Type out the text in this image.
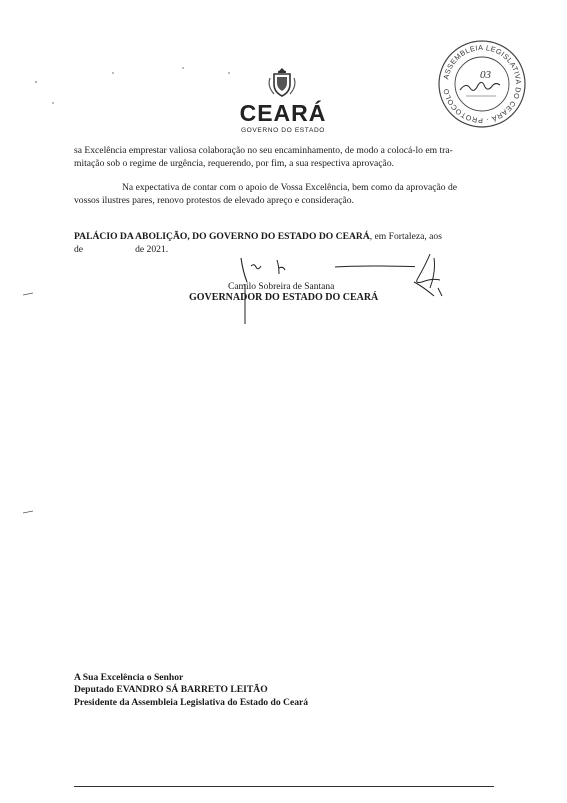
CEARÁ
GOVERNO DO ESTADO
ASSEMBLEIA LEGISLATIVA DO CEARÁ · PROTOCOLO
03
sa Excelência emprestar valiosa colaboração no seu encaminhamento, de modo a colocá-lo em tra-
mitação sob o regime de urgência, requerendo, por fim, a sua respectiva aprovação.
Na expectativa de contar com o apoio de Vossa Excelência, bem como da aprovação de
vossos ilustres pares, renovo protestos de elevado apreço e consideração.
PALÁCIO DA ABOLIÇÃO, DO GOVERNO DO ESTADO DO CEARÁ, em Fortaleza, aos
de	de 2021.
Camilo Sobreira de Santana
GOVERNADOR DO ESTADO DO CEARÁ
A Sua Excelência o Senhor
Deputado EVANDRO SÁ BARRETO LEITÃO
Presidente da Assembleia Legislativa do Estado do Ceará
